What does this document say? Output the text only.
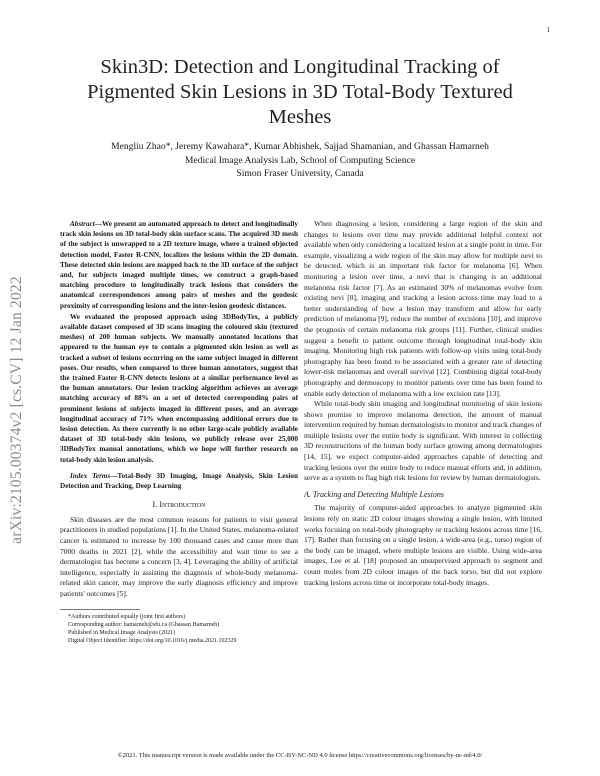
1
Skin3D: Detection and Longitudinal Tracking of Pigmented Skin Lesions in 3D Total-Body Textured Meshes
Mengliu Zhao*, Jeremy Kawahara*, Kumar Abhishek, Sajjad Shamanian, and Ghassan Hamarneh
Medical Image Analysis Lab, School of Computing Science
Simon Fraser University, Canada
arXiv:2105.00374v2 [cs.CV] 12 Jan 2022

Abstract—We present an automated approach to detect and longitudinally track skin lesions on 3D total-body skin surface scans. The acquired 3D mesh of the subject is unwrapped to a 2D texture image, where a trained objected detection model, Faster R-CNN, localizes the lesions within the 2D domain. These detected skin lesions are mapped back to the 3D surface of the subject and, for subjects imaged multiple times, we construct a graph-based matching procedure to longitudinally track lesions that considers the anatomical correspondences among pairs of meshes and the geodesic proximity of corresponding lesions and the inter-lesion geodesic distances.

We evaluated the proposed approach using 3DBodyTex, a publicly available dataset composed of 3D scans imaging the coloured skin (textured meshes) of 200 human subjects. We manually annotated locations that appeared to the human eye to contain a pigmented skin lesion as well as tracked a subset of lesions occurring on the same subject imaged in different poses. Our results, when compared to three human annotators, suggest that the trained Faster R-CNN detects lesions at a similar performance level as the human annotators. Our lesion tracking algorithm achieves an average matching accuracy of 88% on a set of detected corresponding pairs of prominent lesions of subjects imaged in different poses, and an average longitudinal accuracy of 71% when encompassing additional errors due to lesion detection. As there currently is no other large-scale publicly available dataset of 3D total-body skin lesions, we publicly release over 25,000 3DBodyTex manual annotations, which we hope will further research on total-body skin lesion analysis.

Index Terms—Total-Body 3D Imaging, Image Analysis, Skin Lesion Detection and Tracking, Deep Learning

I. Introduction

Skin diseases are the most common reasons for patients to visit general practitioners in studied populations [1]. In the United States, melanoma-related cancer is estimated to increase by 100 thousand cases and cause more than 7000 deaths in 2021 [2], while the accessibility and wait time to see a dermatologist has become a concern [3, 4]. Leveraging the ability of artificial intelligence, especially in assisting the diagnosis of whole-body melanoma-related skin cancer, may improve the early diagnosis efficiency and improve patients' outcomes [5].

*Authors contributed equally (joint first authors)

Corresponding author: hamarneh@sfu.ca (Ghassan Hamarneh)

Published in Medical Image Analysis (2021)

Digital Object Identifier: https://doi.org/10.1016/j.media.2021.102329

When diagnosing a lesion, considering a large region of the skin and changes to lesions over time may provide additional helpful context not available when only considering a localized lesion at a single point in time. For example, visualizing a wide region of the skin may allow for multiple nevi to be detected, which is an important risk factor for melanoma [6]. When monitoring a lesion over time, a nevi that is changing is an additional melanoma risk factor [7]. As an estimated 30% of melanomas evolve from existing nevi [8], imaging and tracking a lesion across time may lead to a better understanding of how a lesion may transform and allow for early prediction of melanoma [9], reduce the number of excisions [10], and improve the prognosis of certain melanoma risk groups [11]. Further, clinical studies suggest a benefit to patient outcome through longitudinal total-body skin imaging. Monitoring high risk patients with follow-up visits using total-body photography has been found to be associated with a greater rate of detecting lower-risk melanomas and overall survival [12]. Combining digital total-body photography and dermoscopy to monitor patients over time has been found to enable early detection of melanoma with a low excision rate [13].

While total-body skin imaging and longitudinal monitoring of skin lesions shows promise to improve melanoma detection, the amount of manual intervention required by human dermatologists to monitor and track changes of multiple lesions over the entire body is significant. With interest in collecting 3D reconstructions of the human body surface growing among dermatologists [14, 15], we expect computer-aided approaches capable of detecting and tracking lesions over the entire body to reduce manual efforts and, in addition, serve as a system to flag high risk lesions for review by human dermatologists.

A. Tracking and Detecting Multiple Lesions

The majority of computer-aided approaches to analyze pigmented skin lesions rely on static 2D colour images showing a single lesion, with limited works focusing on total-body photography or tracking lesions across time [16, 17]. Rather than focusing on a single lesion, a wide-area (e.g., torso) region of the body can be imaged, where multiple lesions are visible. Using wide-area images, Lee et al. [18] proposed an unsupervised approach to segment and count moles from 2D colour images of the back torso, but did not explore tracking lesions across time or incorporate total-body images.

©2021. This manuscript version is made available under the CC-BY-NC-ND 4.0 license https://creativecommons.org/licenses/by-nc-nd/4.0/
